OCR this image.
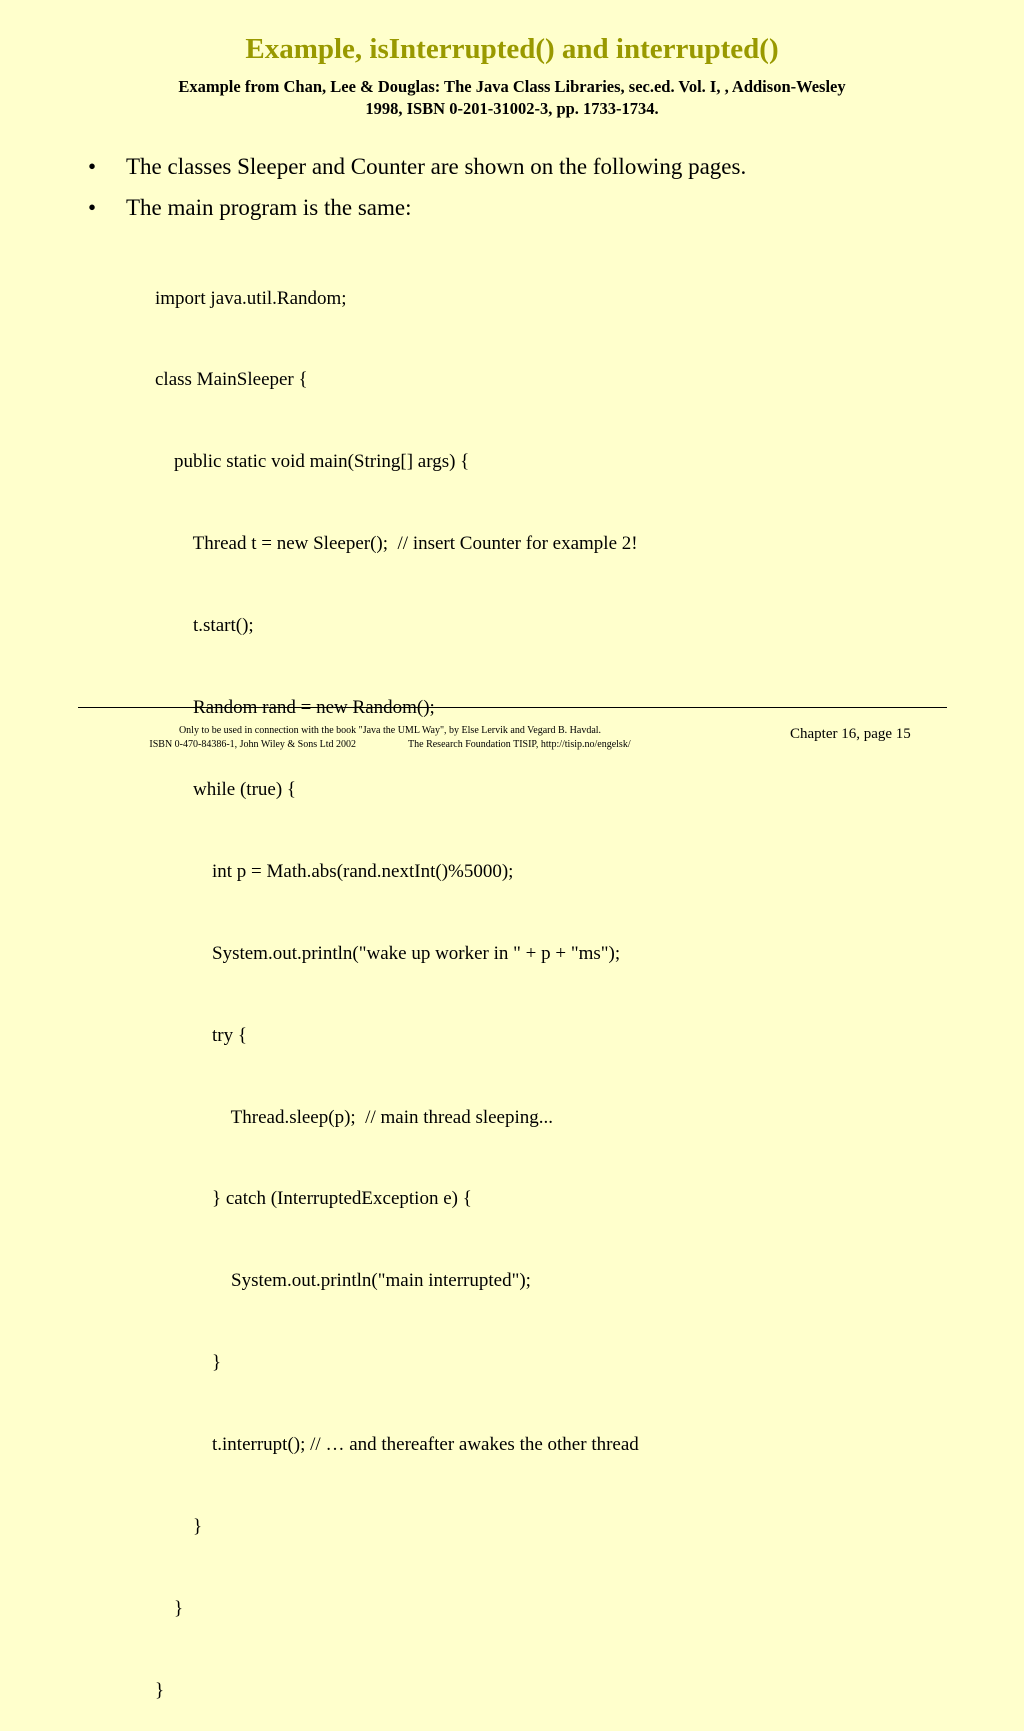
Example, isInterrupted() and interrupted()
Example from Chan, Lee & Douglas: The Java Class Libraries, sec.ed. Vol. I, , Addison-Wesley
1998, ISBN 0-201-31002-3, pp. 1733-1734.
• The classes Sleeper and Counter are shown on the following pages.
• The main program is the same:

import java.util.Random;

class MainSleeper {

public static void main(String[] args) {

Thread t = new Sleeper();  // insert Counter for example 2!

t.start();

Random rand = new Random();

while (true) {

int p = Math.abs(rand.nextInt()%5000);

System.out.println("wake up worker in " + p + "ms");

try {

Thread.sleep(p);  // main thread sleeping...

} catch (InterruptedException e) {

System.out.println("main interrupted");

}

t.interrupt(); // … and thereafter awakes the other thread

}

}

}

Only to be used in connection with the book "Java the UML Way", by Else Lervik and Vegard B. Havdal.
ISBN 0-470-84386-1, John Wiley & Sons Ltd 2002	The Research Foundation TISIP, http://tisip.no/engelsk/
Chapter 16, page 15
